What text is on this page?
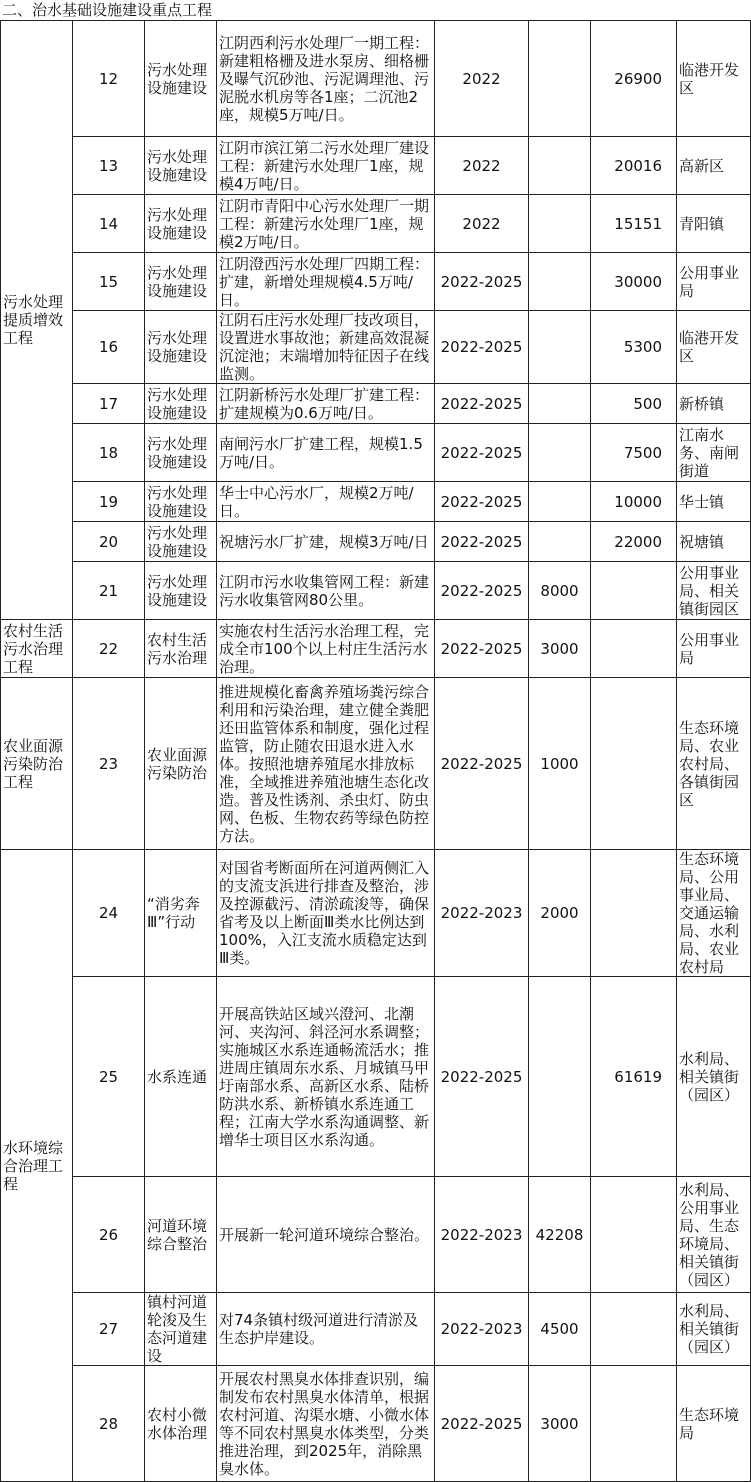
二、治水基础设施建设重点工程
污水处理提质增效工程	12	污水处理设施建设	江阴西利污水处理厂一期工程：新建粗格栅及进水泵房、细格栅及曝气沉砂池、污泥调理池、污泥脱水机房等各1座；二沉池2座，规模5万吨/日。	2022		26900	临港开发区
	13	污水处理设施建设	江阴市滨江第二污水处理厂建设工程：新建污水处理厂1座，规模4万吨/日。	2022		20016	高新区
	14	污水处理设施建设	江阴市青阳中心污水处理厂一期工程：新建污水处理厂1座，规模2万吨/日。	2022		15151	青阳镇
	15	污水处理设施建设	江阴澄西污水处理厂四期工程：扩建，新增处理规模4.5万吨/日。	2022-2025		30000	公用事业局
	16	污水处理设施建设	江阴石庄污水处理厂技改项目，设置进水事故池；新建高效混凝沉淀池；末端增加特征因子在线监测。	2022-2025		5300	临港开发区
	17	污水处理设施建设	江阴新桥污水处理厂扩建工程：扩建规模为0.6万吨/日。	2022-2025		500	新桥镇
	18	污水处理设施建设	南闸污水厂扩建工程，规模1.5万吨/日。	2022-2025		7500	江南水务、南闸街道
	19	污水处理设施建设	华士中心污水厂，规模2万吨/日。	2022-2025		10000	华士镇
	20	污水处理设施建设	祝塘污水厂扩建，规模3万吨/日	2022-2025		22000	祝塘镇
	21	污水处理设施建设	江阴市污水收集管网工程：新建污水收集管网80公里。	2022-2025	8000		公用事业局、相关镇街园区
农村生活污水治理工程	22	农村生活污水治理	实施农村生活污水治理工程，完成全市100个以上村庄生活污水治理。	2022-2025	3000		公用事业局
农业面源污染防治工程	23	农业面源污染防治	推进规模化畜禽养殖场粪污综合利用和污染治理，建立健全粪肥还田监管体系和制度，强化过程监管，防止随农田退水进入水体。按照池塘养殖尾水排放标准，全域推进养殖池塘生态化改造。普及性诱剂、杀虫灯、防虫网、色板、生物农药等绿色防控方法。	2022-2025	1000		生态环境局、农业农村局、各镇街园区
水环境综合治理工程	24	“消劣奔Ⅲ”行动	对国省考断面所在河道两侧汇入的支流支浜进行排查及整治，涉及控源截污、清淤疏浚等，确保省考及以上断面Ⅲ类水比例达到100%，入江支流水质稳定达到Ⅲ类。	2022-2023	2000		生态环境局、公用事业局、交通运输局、水利局、农业农村局
	25	水系连通	开展高铁站区域兴澄河、北潮河、夹沟河、斜泾河水系调整；实施城区水系连通畅流活水；推进周庄镇周东水系、月城镇马甲圩南部水系、高新区水系、陆桥防洪水系、新桥镇水系连通工程；江南大学水系沟通调整、新增华士项目区水系沟通。	2022-2025		61619	水利局、相关镇街（园区）
	26	河道环境综合整治	开展新一轮河道环境综合整治。	2022-2023	42208		水利局、公用事业局、生态环境局、相关镇街（园区）
	27	镇村河道轮浚及生态河道建设	对74条镇村级河道进行清淤及生态护岸建设。	2022-2023	4500		水利局、相关镇街（园区）
	28	农村小微水体治理	开展农村黑臭水体排查识别，编制发布农村黑臭水体清单，根据农村河道、沟渠水塘、小微水体等不同农村黑臭水体类型，分类推进治理，到2025年，消除黑臭水体。	2022-2025	3000		生态环境局
